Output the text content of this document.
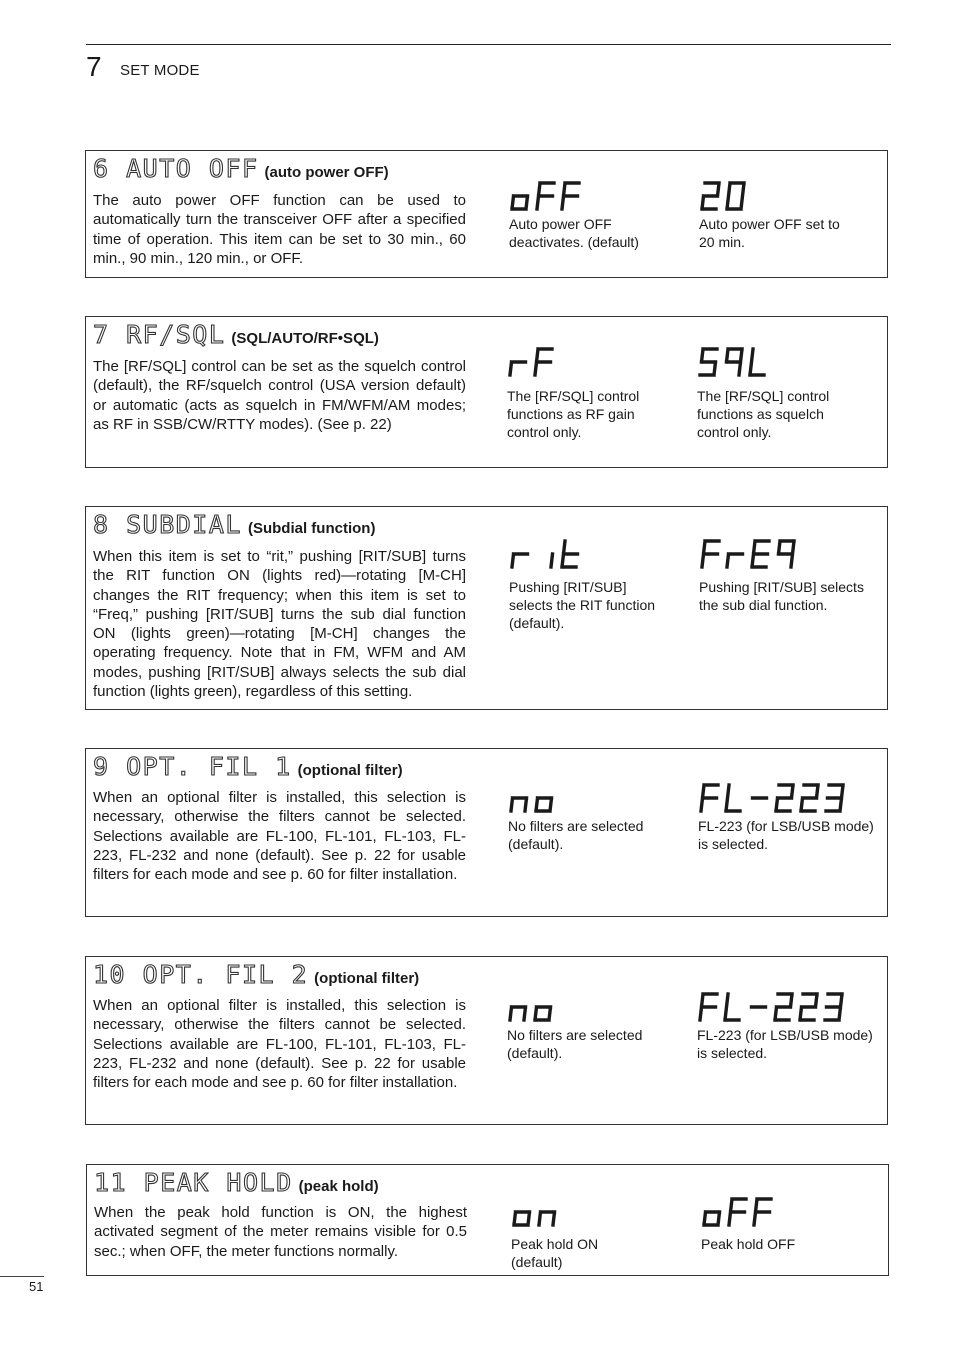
7 SET MODE
6 AUTO OFF (auto power OFF)

The auto power OFF function can be used to automatically turn the transceiver OFF after a specified time of operation. This item can be set to 30 min., 60 min., 90 min., 120 min., or OFF.

Auto power OFF deactivates. (default)

Auto power OFF set to 20 min.

7 RF/SQL (SQL/AUTO/RF•SQL)

The [RF/SQL] control can be set as the squelch control (default), the RF/squelch control (USA version default) or automatic (acts as squelch in FM/WFM/AM modes; as RF in SSB/CW/RTTY modes). (See p. 22)

The [RF/SQL] control functions as RF gain control only.

The [RF/SQL] control functions as squelch control only.

8 SUBDIAL (Subdial function)

When this item is set to “rit,” pushing [RIT/SUB] turns the RIT function ON (lights red)—rotating [M-CH] changes the RIT frequency; when this item is set to “Freq,” pushing [RIT/SUB] turns the sub dial function ON (lights green)—rotating [M-CH] changes the operating frequency. Note that in FM, WFM and AM modes, pushing [RIT/SUB] always selects the sub dial function (lights green), regardless of this setting.

Pushing [RIT/SUB] selects the RIT function (default).

Pushing [RIT/SUB] selects the sub dial function.

9 OPT. FIL 1 (optional filter)

When an optional filter is installed, this selection is necessary, otherwise the filters cannot be selected. Selections available are FL-100, FL-101, FL-103, FL-223, FL-232 and none (default). See p. 22 for usable filters for each mode and see p. 60 for filter installation.

No filters are selected (default).

FL-223 (for LSB/USB mode) is selected.

10 OPT. FIL 2 (optional filter)

When an optional filter is installed, this selection is necessary, otherwise the filters cannot be selected. Selections available are FL-100, FL-101, FL-103, FL-223, FL-232 and none (default). See p. 22 for usable filters for each mode and see p. 60 for filter installation.

No filters are selected (default).

FL-223 (for LSB/USB mode) is selected.

11 PEAK HOLD (peak hold)

When the peak hold function is ON, the highest activated segment of the meter remains visible for 0.5 sec.; when OFF, the meter functions normally.	Peak hold ON (default)

Peak hold OFF

51
